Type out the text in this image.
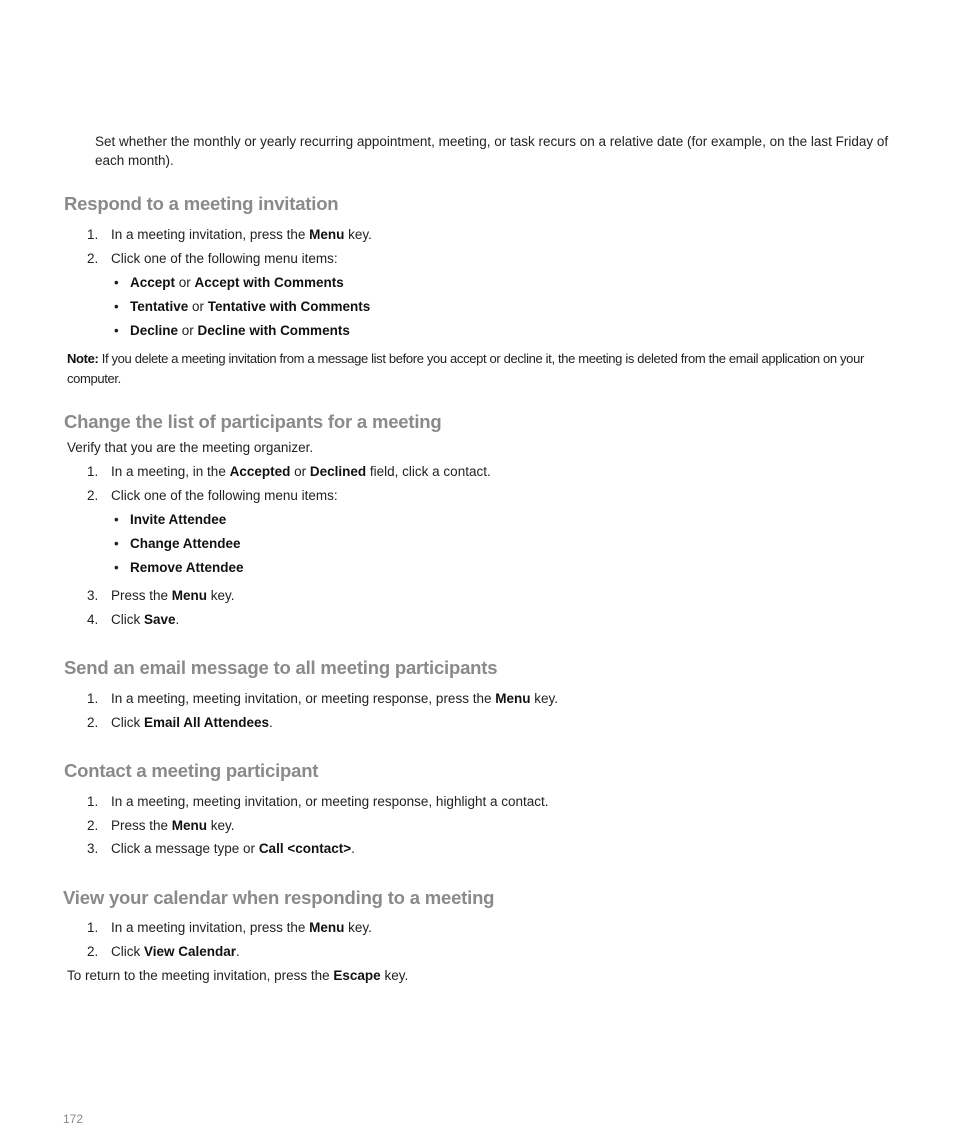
Set whether the monthly or yearly recurring appointment, meeting, or task recurs on a relative date (for example, on the last Friday of each month).
Respond to a meeting invitation
1. In a meeting invitation, press the Menu key.
2. Click one of the following menu items:
• Accept or Accept with Comments
• Tentative or Tentative with Comments
• Decline or Decline with Comments
Note: If you delete a meeting invitation from a message list before you accept or decline it, the meeting is deleted from the email application on your computer.
Change the list of participants for a meeting
Verify that you are the meeting organizer.
1. In a meeting, in the Accepted or Declined field, click a contact.
2. Click one of the following menu items:
• Invite Attendee
• Change Attendee
• Remove Attendee
3. Press the Menu key.
4. Click Save.
Send an email message to all meeting participants
1. In a meeting, meeting invitation, or meeting response, press the Menu key.
2. Click Email All Attendees.
Contact a meeting participant
1. In a meeting, meeting invitation, or meeting response, highlight a contact.
2. Press the Menu key.
3. Click a message type or Call <contact>.
View your calendar when responding to a meeting
1. In a meeting invitation, press the Menu key.
2. Click View Calendar.
To return to the meeting invitation, press the Escape key.
172
